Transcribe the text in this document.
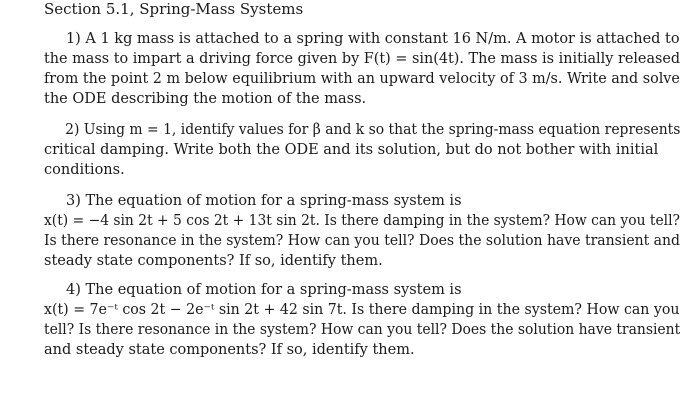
Section 5.1, Spring-Mass Systems
1) A 1 kg mass is attached to a spring with constant 16 N/m. A motor is attached to
the mass to impart a driving force given by F(t) = sin(4t). The mass is initially released
from the point 2 m below equilibrium with an upward velocity of 3 m/s. Write and solve
the ODE describing the motion of the mass.
2) Using m = 1, identify values for β and k so that the spring-mass equation represents
critical damping. Write both the ODE and its solution, but do not bother with initial
conditions.
3) The equation of motion for a spring-mass system is
x(t) = −4 sin 2t + 5 cos 2t + 13t sin 2t. Is there damping in the system? How can you tell?
Is there resonance in the system? How can you tell? Does the solution have transient and
steady state components? If so, identify them.
4) The equation of motion for a spring-mass system is
x(t) = 7e⁻ᵗ cos 2t − 2e⁻ᵗ sin 2t + 42 sin 7t. Is there damping in the system? How can you
tell? Is there resonance in the system? How can you tell? Does the solution have transient
and steady state components? If so, identify them.
